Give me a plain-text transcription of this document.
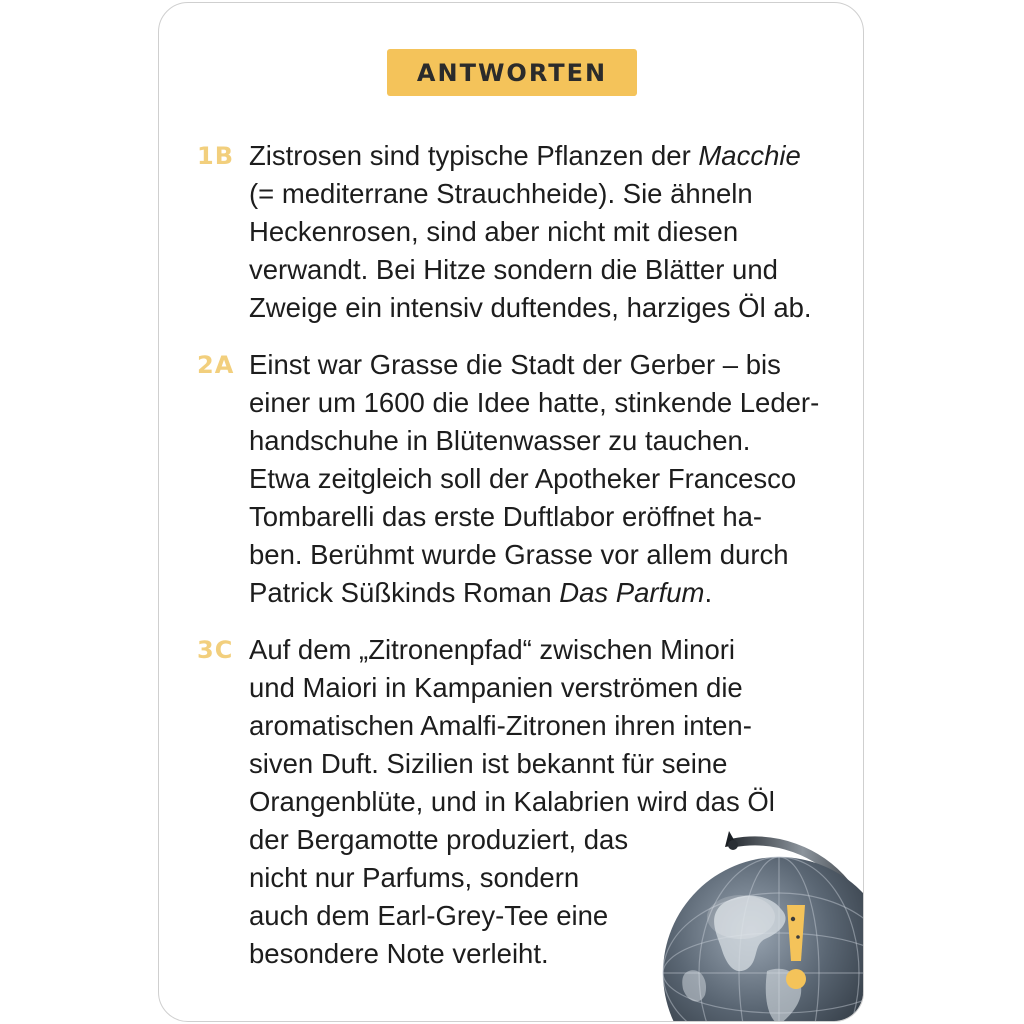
ANTWORTEN
1B Zistrosen sind typische Pflanzen der Macchie
(= mediterrane Strauchheide). Sie ähneln
Heckenrosen, sind aber nicht mit diesen
verwandt. Bei Hitze sondern die Blätter und
Zweige ein intensiv duftendes, harziges Öl ab.
2A Einst war Grasse die Stadt der Gerber – bis
einer um 1600 die Idee hatte, stinkende Leder-
handschuhe in Blütenwasser zu tauchen.
Etwa zeitgleich soll der Apotheker Francesco
Tombarelli das erste Duftlabor eröffnet ha-
ben. Berühmt wurde Grasse vor allem durch
Patrick Süßkinds Roman Das Parfum.
3C Auf dem „Zitronenpfad“ zwischen Minori
und Maiori in Kampanien verströmen die
aromatischen Amalfi-Zitronen ihren inten-
siven Duft. Sizilien ist bekannt für seine
Orangenblüte, und in Kalabrien wird das Öl
der Bergamotte produziert, das
nicht nur Parfums, sondern
auch dem Earl-Grey-Tee eine
besondere Note verleiht.
